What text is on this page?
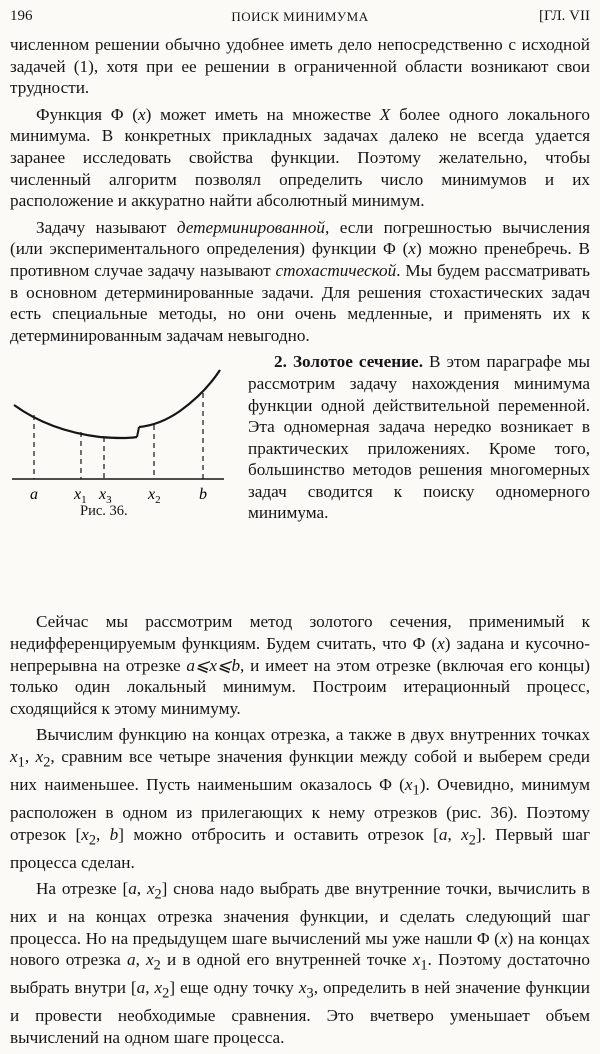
196	ПОИСК МИНИМУМА	[ГЛ. VII

численном решении обычно удобнее иметь дело непосредственно с исходной задачей (1), хотя при ее решении в ограниченной области возникают свои трудности.

Функция Φ (x) может иметь на множестве X более одного локального минимума. В конкретных прикладных задачах далеко не всегда удается заранее исследовать свойства функции. Поэтому желательно, чтобы численный алгоритм позволял определить число минимумов и их расположение и аккуратно найти абсолютный минимум.

Задачу называют детерминированной, если погрешностью вычисления (или экспериментального определения) функции Φ (x) можно пренебречь. В противном случае задачу называют стохастической. Мы будем рассматривать в основном детерминированные задачи. Для решения стохастических задач есть специальные методы, но они очень медленные, и применять их к детерминированным задачам невыгодно.

a $x_1$ $x_3$ $x_2$ b
Рис. 36.

2. Золотое сечение. В этом параграфе мы рассмотрим задачу нахождения минимума функции одной действительной переменной. Эта одномерная задача нередко возникает в практических приложениях. Кроме того, большинство методов решения многомерных задач сводится к поиску одномерного минимума.

Сейчас мы рассмотрим метод золотого сечения, применимый к недифференцируемым функциям. Будем считать, что Φ (x) задана и кусочно-непрерывна на отрезке a⩽x⩽b, и имеет на этом отрезке (включая его концы) только один локальный минимум. Построим итерационный процесс, сходящийся к этому минимуму.

Вычислим функцию на концах отрезка, а также в двух внутренних точках $x_1$, $x_2$, сравним все четыре значения функции между собой и выберем среди них наименьшее. Пусть наименьшим оказалось Φ $(x_1)$. Очевидно, минимум расположен в одном из прилегающих к нему отрезков (рис. 36). Поэтому отрезок [$x_2$, b] можно отбросить и оставить отрезок [a, $x_2$]. Первый шаг процесса сделан.

На отрезке [a, $x_2$] снова надо выбрать две внутренние точки, вычислить в них и на концах отрезка значения функции, и сделать следующий шаг процесса. Но на предыдущем шаге вычислений мы уже нашли Φ (x) на концах нового отрезка a, $x_2$ и в одной его внутренней точке $x_1$. Поэтому достаточно выбрать внутри [a, $x_2$] еще одну точку $x_3$, определить в ней значение функции и провести необходимые сравнения. Это вчетверо уменьшает объем вычислений на одном шаге процесса.
